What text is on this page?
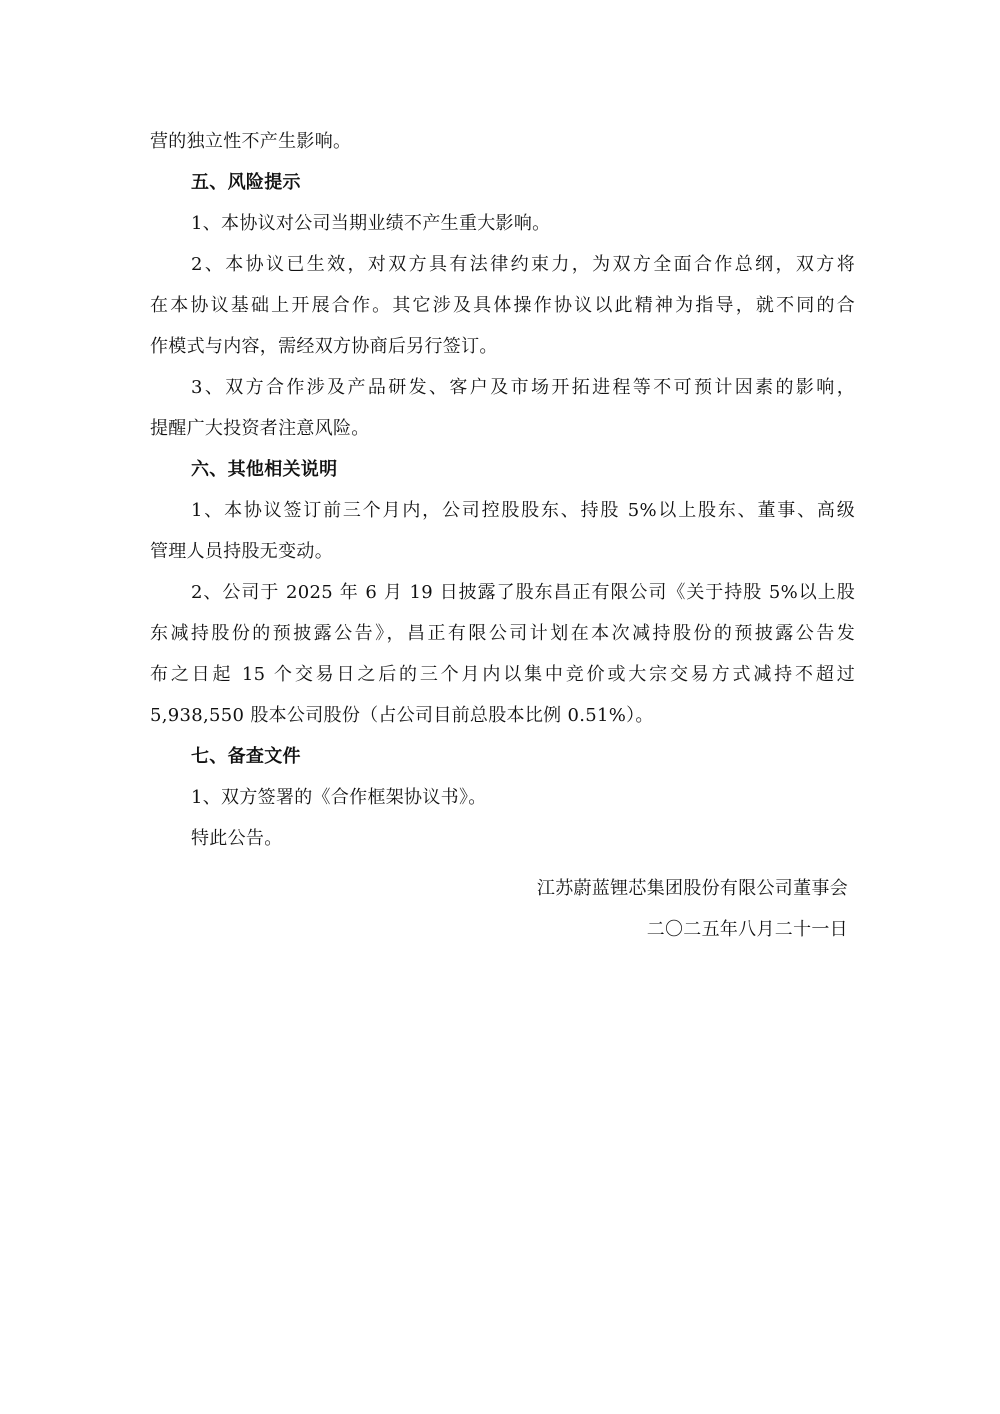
营的独立性不产生影响。
五、风险提示
1、本协议对公司当期业绩不产生重大影响。
2、本协议已生效，对双方具有法律约束力，为双方全面合作总纲，双方将
在本协议基础上开展合作。其它涉及具体操作协议以此精神为指导，就不同的合
作模式与内容，需经双方协商后另行签订。
3、双方合作涉及产品研发、客户及市场开拓进程等不可预计因素的影响，
提醒广大投资者注意风险。
六、其他相关说明
1、本协议签订前三个月内，公司控股股东、持股 5%以上股东、董事、高级
管理人员持股无变动。
2、公司于 2025 年 6 月 19 日披露了股东昌正有限公司《关于持股 5%以上股
东减持股份的预披露公告》，昌正有限公司计划在本次减持股份的预披露公告发
布之日起 15 个交易日之后的三个月内以集中竞价或大宗交易方式减持不超过
5,938,550 股本公司股份（占公司目前总股本比例 0.51%）。
七、备查文件
1、双方签署的《合作框架协议书》。
特此公告。
江苏蔚蓝锂芯集团股份有限公司董事会
二〇二五年八月二十一日
